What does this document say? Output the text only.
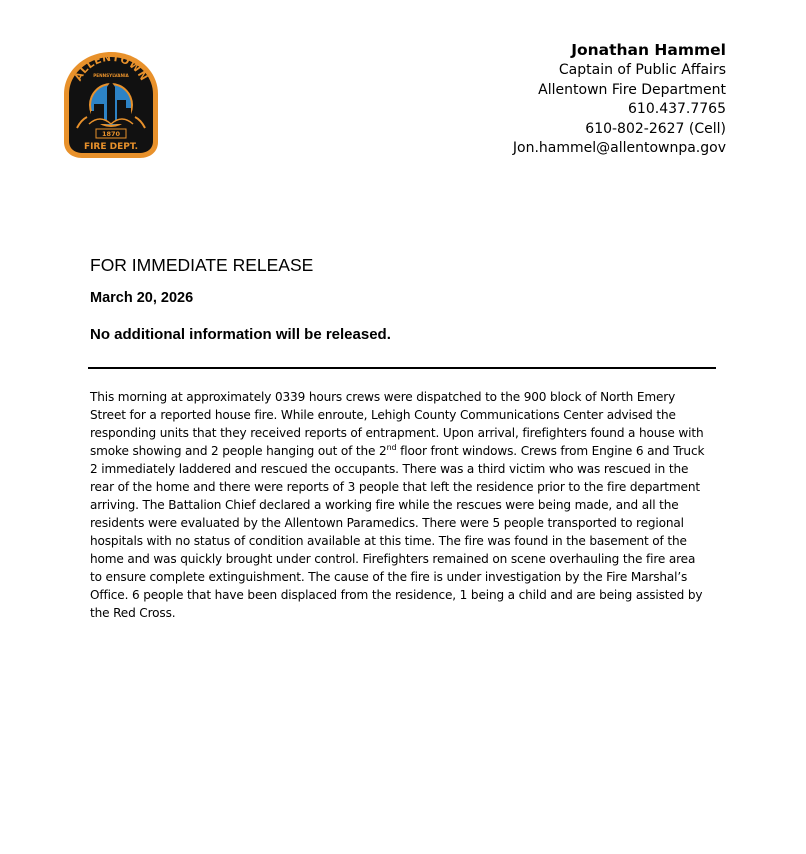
ALLENTOWN
PENNSYLVANIA
1870
FIRE DEPT.
Jonathan Hammel
Captain of Public Affairs
Allentown Fire Department
610.437.7765
610-802-2627 (Cell)
Jon.hammel@allentownpa.gov
FOR IMMEDIATE RELEASE
March 20, 2026
No additional information will be released.
This morning at approximately 0339 hours crews were dispatched to the 900 block of North Emery
Street for a reported house fire. While enroute, Lehigh County Communications Center advised the
responding units that they received reports of entrapment. Upon arrival, firefighters found a house with
smoke showing and 2 people hanging out of the 2nd floor front windows. Crews from Engine 6 and Truck
2 immediately laddered and rescued the occupants. There was a third victim who was rescued in the
rear of the home and there were reports of 3 people that left the residence prior to the fire department
arriving. The Battalion Chief declared a working fire while the rescues were being made, and all the
residents were evaluated by the Allentown Paramedics. There were 5 people transported to regional
hospitals with no status of condition available at this time. The fire was found in the basement of the
home and was quickly brought under control. Firefighters remained on scene overhauling the fire area
to ensure complete extinguishment. The cause of the fire is under investigation by the Fire Marshal’s
Office. 6 people that have been displaced from the residence, 1 being a child and are being assisted by
the Red Cross.
